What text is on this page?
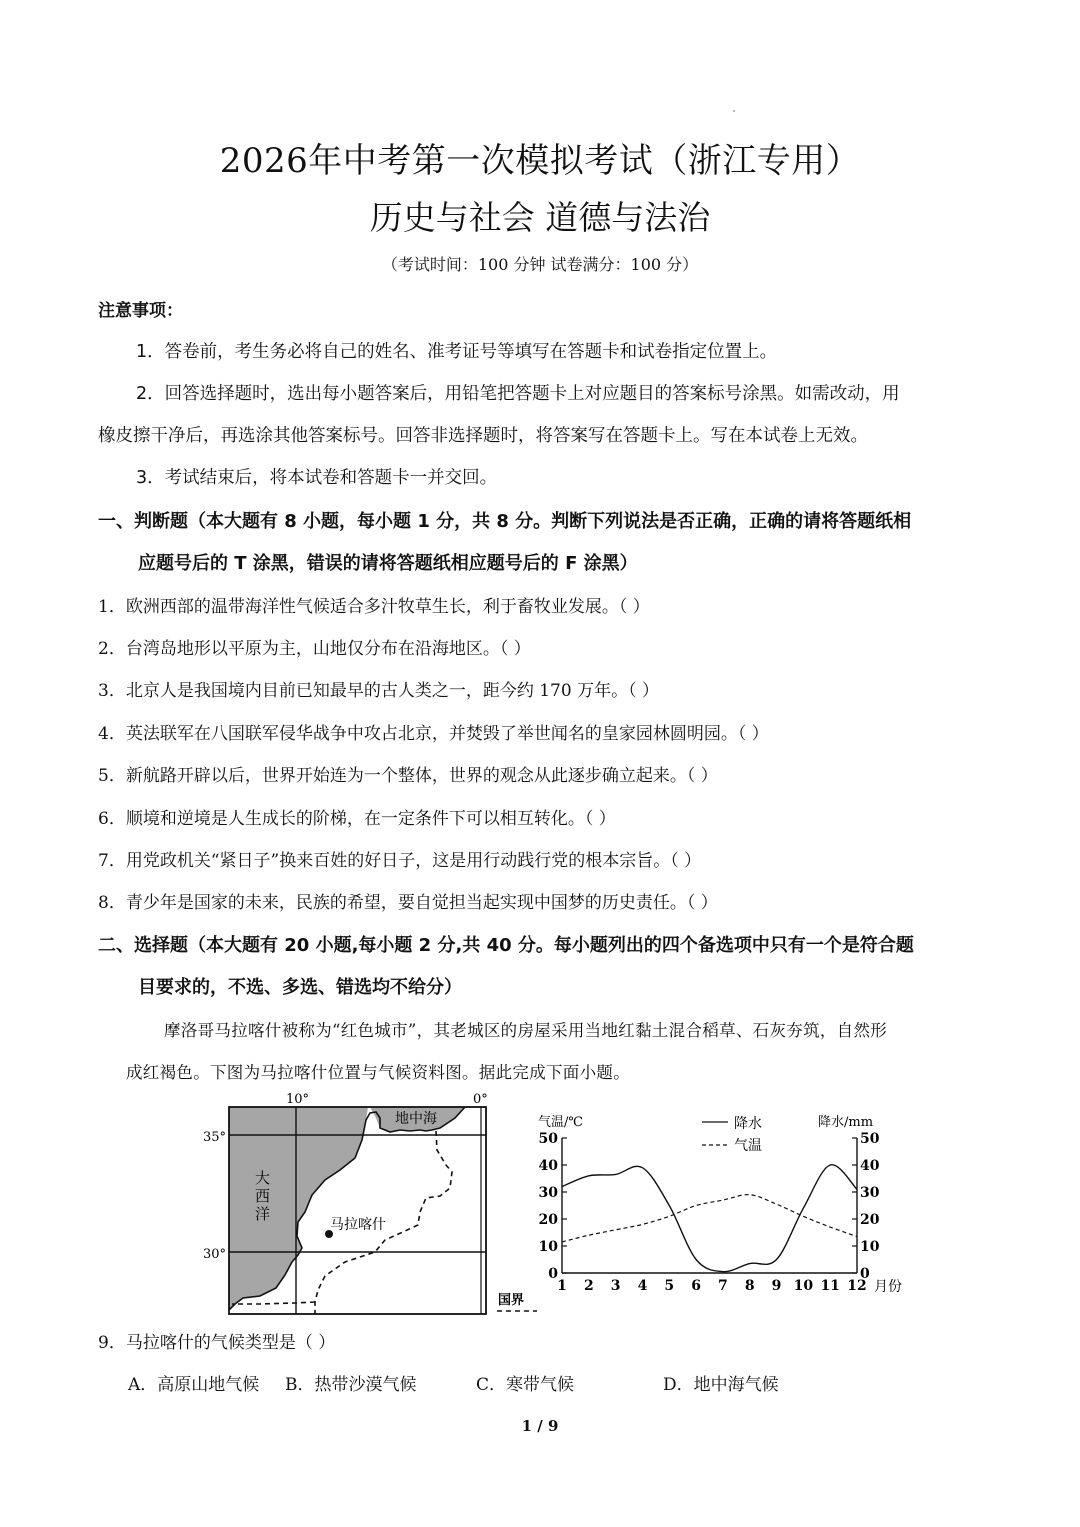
2026年中考第一次模拟考试（浙江专用）
历史与社会 道德与法治
（考试时间：100 分钟 试卷满分：100 分）
注意事项：
1．答卷前，考生务必将自己的姓名、准考证号等填写在答题卡和试卷指定位置上。
2．回答选择题时，选出每小题答案后，用铅笔把答题卡上对应题目的答案标号涂黑。如需改动，用
橡皮擦干净后，再选涂其他答案标号。回答非选择题时，将答案写在答题卡上。写在本试卷上无效。
3．考试结束后，将本试卷和答题卡一并交回。
一、判断题（本大题有 8 小题，每小题 1 分，共 8 分。判断下列说法是否正确，正确的请将答题纸相
应题号后的 T 涂黑，错误的请将答题纸相应题号后的 F 涂黑）
1．欧洲西部的温带海洋性气候适合多汁牧草生长，利于畜牧业发展。（ ）
2．台湾岛地形以平原为主，山地仅分布在沿海地区。（ ）
3．北京人是我国境内目前已知最早的古人类之一，距今约 170 万年。（ ）
4．英法联军在八国联军侵华战争中攻占北京，并焚毁了举世闻名的皇家园林圆明园。（ ）
5．新航路开辟以后，世界开始连为一个整体，世界的观念从此逐步确立起来。（ ）
6．顺境和逆境是人生成长的阶梯，在一定条件下可以相互转化。（ ）
7．用党政机关“紧日子”换来百姓的好日子，这是用行动践行党的根本宗旨。（ ）
8．青少年是国家的未来，民族的希望，要自觉担当起实现中国梦的历史责任。（ ）
二、选择题（本大题有 20 小题,每小题 2 分,共 40 分。每小题列出的四个备选项中只有一个是符合题
目要求的，不选、多选、错选均不给分）
摩洛哥马拉喀什被称为“红色城市”，其老城区的房屋采用当地红黏土混合稻草、石灰夯筑，自然形
成红褐色。下图为马拉喀什位置与气候资料图。据此完成下面小题。
马拉喀什
地中海
大
西
洋
10°	0°
35°
30°
国界
气温/℃	降水/mm
降水
气温
0	0
10	10
20	20
30	30
40	40
50	50
1 2 3 4 5 6 7 8 9 10 11 12 月份
9．马拉喀什的气候类型是（ ）
A．高原山地气候 B．热带沙漠气候	C．寒带气候	D．地中海气候
1 / 9
